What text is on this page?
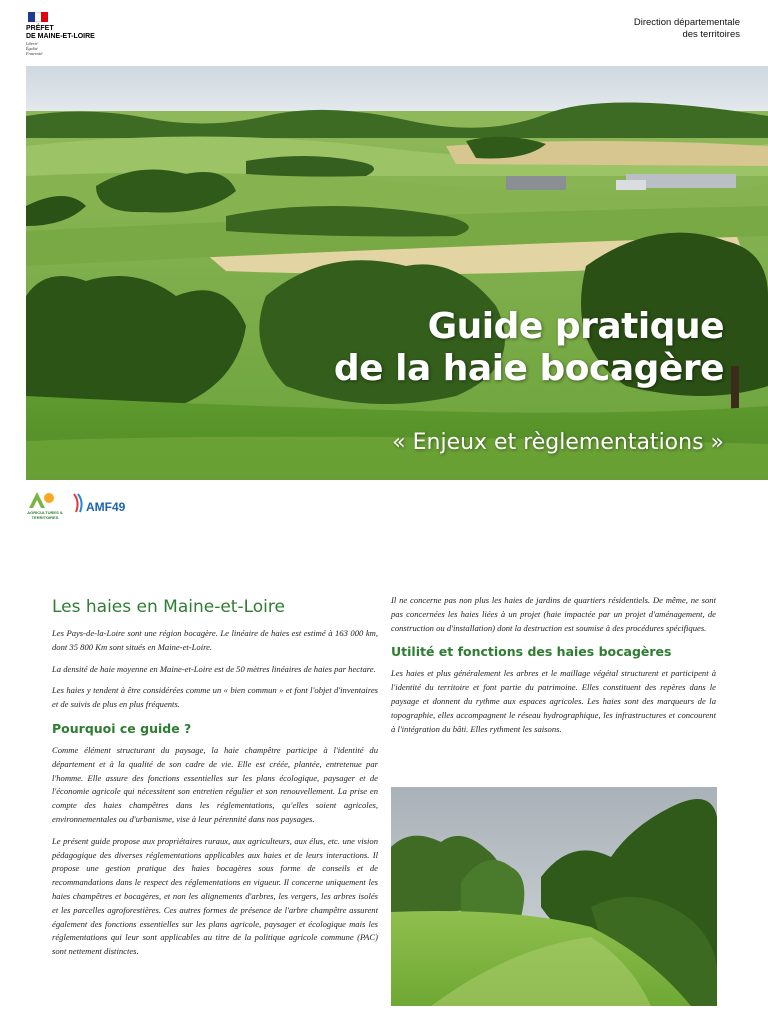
PRÉFET
DE MAINE-ET-LOIRE
Liberté
Égalité
Fraternité
Direction départementale
des territoires
Guide pratique
de la haie bocagère
« Enjeux et règlementations »
AGRICULTURES & TERRITOIRES
AMF49
Les haies en Maine-et-Loire

Les Pays-de-la-Loire sont une région bocagère. Le linéaire de haies est estimé à 163 000 km, dont 35 800 Km sont situés en Maine-et-Loire.

La densité de haie moyenne en Maine-et-Loire est de 50 mètres linéaires de haies par hectare.

Les haies y tendent à être considérées comme un « bien commun » et font l'objet d'inventaires et de suivis de plus en plus fréquents.

Pourquoi ce guide ?

Comme élément structurant du paysage, la haie champêtre participe à l'identité du département et à la qualité de son cadre de vie. Elle est créée, plantée, entretenue par l'homme. Elle assure des fonctions essentielles sur les plans écologique, paysager et de l'économie agricole qui nécessitent son entretien régulier et son renouvellement. La prise en compte des haies champêtres dans les réglementations, qu'elles soient agricoles, environnementales ou d'urbanisme, vise à leur pérennité dans nos paysages.

Le présent guide propose aux propriétaires ruraux, aux agriculteurs, aux élus, etc. une vision pédagogique des diverses réglementations applicables aux haies et de leurs interactions. Il propose une gestion pratique des haies bocagères sous forme de conseils et de recommandations dans le respect des réglementations en vigueur. Il concerne uniquement les haies champêtres et bocagères, et non les alignements d'arbres, les vergers, les arbres isolés et les parcelles agroforestières. Ces autres formes de présence de l'arbre champêtre assurent également des fonctions essentielles sur les plans agricole, paysager et écologique mais les réglementations qui leur sont applicables au titre de la politique agricole commune (PAC) sont nettement distinctes.

Il ne concerne pas non plus les haies de jardins de quartiers résidentiels. De même, ne sont pas concernées les haies liées à un projet (haie impactée par un projet d'aménagement, de construction ou d'installation) dont la destruction est soumise à des procédures spécifiques.

Utilité et fonctions des haies bocagères

Les haies et plus généralement les arbres et le maillage végétal structurent et participent à l'identité du territoire et font partie du patrimoine. Elles constituent des repères dans le paysage et donnent du rythme aux espaces agricoles. Les haies sont des marqueurs de la topographie, elles accompagnent le réseau hydrographique, les infrastructures et concourent à l'intégration du bâti. Elles rythment les saisons.
